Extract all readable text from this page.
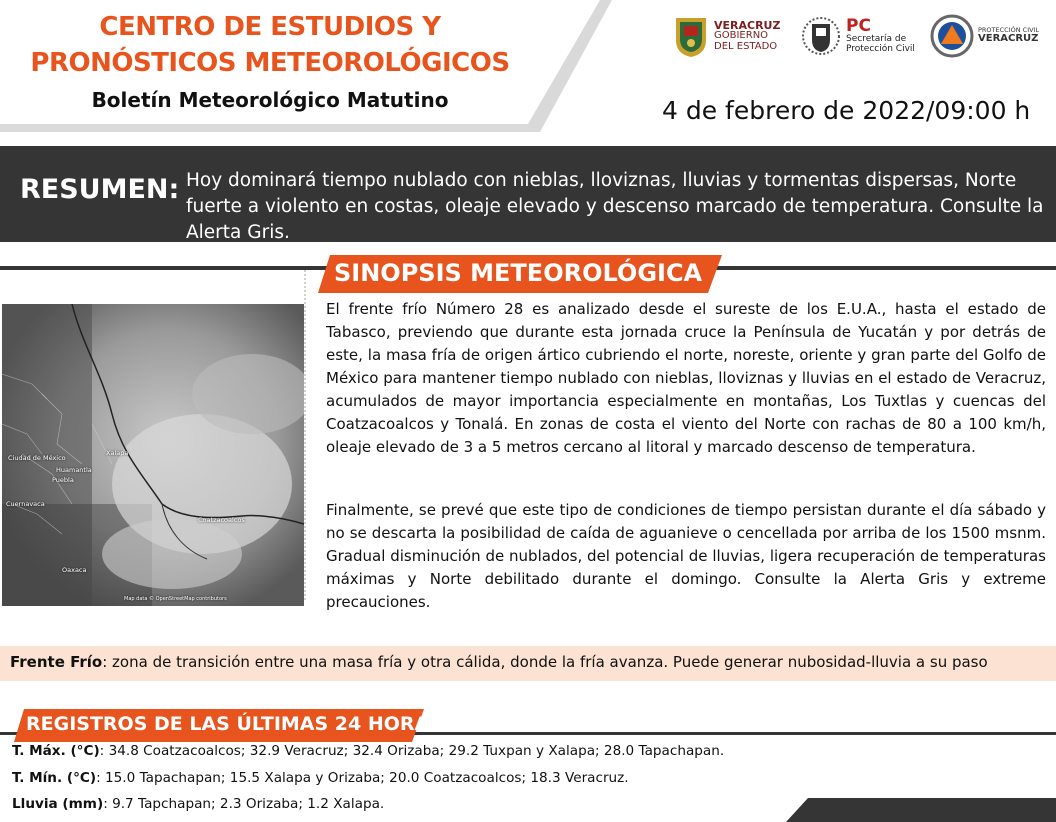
CENTRO DE ESTUDIOS Y
PRONÓSTICOS METEOROLÓGICOS
Boletín Meteorológico Matutino	4 de febrero de 2022/09:00 h
VERACRUZ
GOBIERNO
DEL ESTADO
PC
Secretaría de
Protección Civil
PROTECCIÓN CIVIL
VERACRUZ
RESUMEN: Hoy dominará tiempo nublado con nieblas, lloviznas, lluvias y tormentas dispersas, Norte fuerte a violento en costas, oleaje elevado y descenso marcado de temperatura. Consulte la Alerta Gris.
SINOPSIS METEOROLÓGICA
Ciudad de México
Puebla
Huamantla
Xalapa
Oaxaca
Coatzacoalcos
Cuernavaca
Map data © OpenStreetMap contributors
El frente frío Número 28 es analizado desde el sureste de los E.U.A., hasta el estado de Tabasco, previendo que durante esta jornada cruce la Península de Yucatán y por detrás de este, la masa fría de origen ártico cubriendo el norte, noreste, oriente y gran parte del Golfo de México para mantener tiempo nublado con nieblas, lloviznas y lluvias en el estado de Veracruz, acumulados de mayor importancia especialmente en montañas, Los Tuxtlas y cuencas del Coatzacoalcos y Tonalá. En zonas de costa el viento del Norte con rachas de 80 a 100 km/h, oleaje elevado de 3 a 5 metros cercano al litoral y marcado descenso de temperatura.
Finalmente, se prevé que este tipo de condiciones de tiempo persistan durante el día sábado y no se descarta la posibilidad de caída de aguanieve o cencellada por arriba de los 1500 msnm. Gradual disminución de nublados, del potencial de lluvias, ligera recuperación de temperaturas máximas y Norte debilitado durante el domingo. Consulte la Alerta Gris y extreme precauciones.
Frente Frío: zona de transición entre una masa fría y otra cálida, donde la fría avanza. Puede generar nubosidad-lluvia a su paso
REGISTROS DE LAS ÚLTIMAS 24 HORAS
T. Máx. (°C): 34.8 Coatzacoalcos; 32.9 Veracruz; 32.4 Orizaba; 29.2 Tuxpan y Xalapa; 28.0 Tapachapan.
T. Mín. (°C): 15.0 Tapachapan; 15.5 Xalapa y Orizaba; 20.0 Coatzacoalcos; 18.3 Veracruz.
Lluvia (mm): 9.7 Tapchapan; 2.3 Orizaba; 1.2 Xalapa.
